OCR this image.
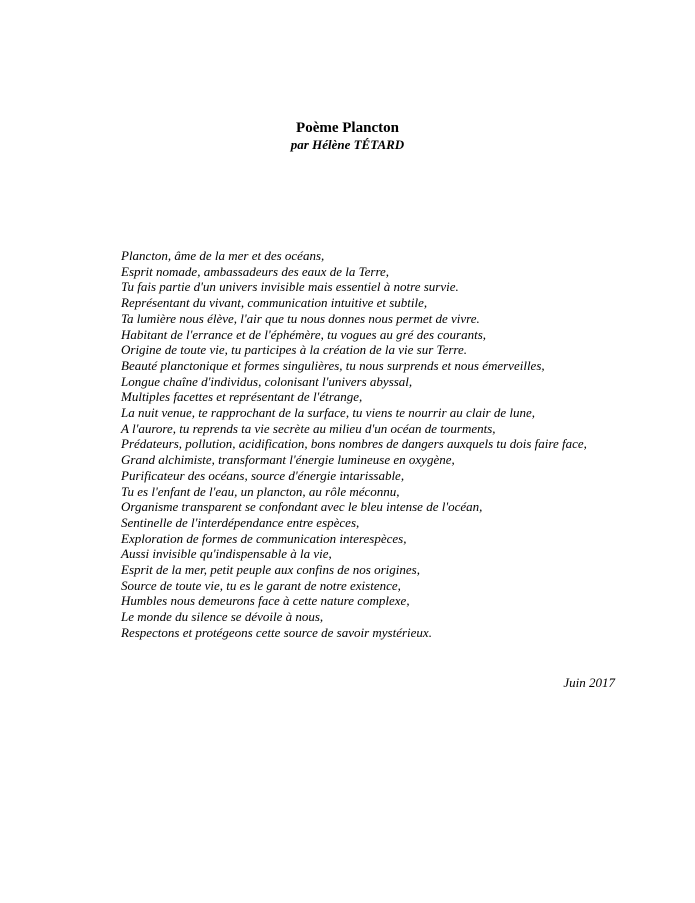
Poème Plancton
par Hélène TÉTARD
Plancton, âme de la mer et des océans,
Esprit nomade, ambassadeurs des eaux de la Terre,
Tu fais partie d'un univers invisible mais essentiel à notre survie.
Représentant du vivant, communication intuitive et subtile,
Ta lumière nous élève, l'air que tu nous donnes nous permet de vivre.
Habitant de l'errance et de l'éphémère, tu vogues au gré des courants,
Origine de toute vie, tu participes à la création de la vie sur Terre.
Beauté planctonique et formes singulières, tu nous surprends et nous émerveilles,
Longue chaîne d'individus, colonisant l'univers abyssal,
Multiples facettes et représentant de l'étrange,
La nuit venue, te rapprochant de la surface, tu viens te nourrir au clair de lune,
A l'aurore, tu reprends ta vie secrète au milieu d'un océan de tourments,
Prédateurs, pollution, acidification, bons nombres de dangers auxquels tu dois faire face,
Grand alchimiste, transformant l'énergie lumineuse en oxygène,
Purificateur des océans, source d'énergie intarissable,
Tu es l'enfant de l'eau, un plancton, au rôle méconnu,
Organisme transparent se confondant avec le bleu intense de l'océan,
Sentinelle de l'interdépendance entre espèces,
Exploration de formes de communication interespèces,
Aussi invisible qu'indispensable à la vie,
Esprit de la mer, petit peuple aux confins de nos origines,
Source de toute vie, tu es le garant de notre existence,
Humbles nous demeurons face à cette nature complexe,
Le monde du silence se dévoile à nous,
Respectons et protégeons cette source de savoir mystérieux.

Juin 2017
